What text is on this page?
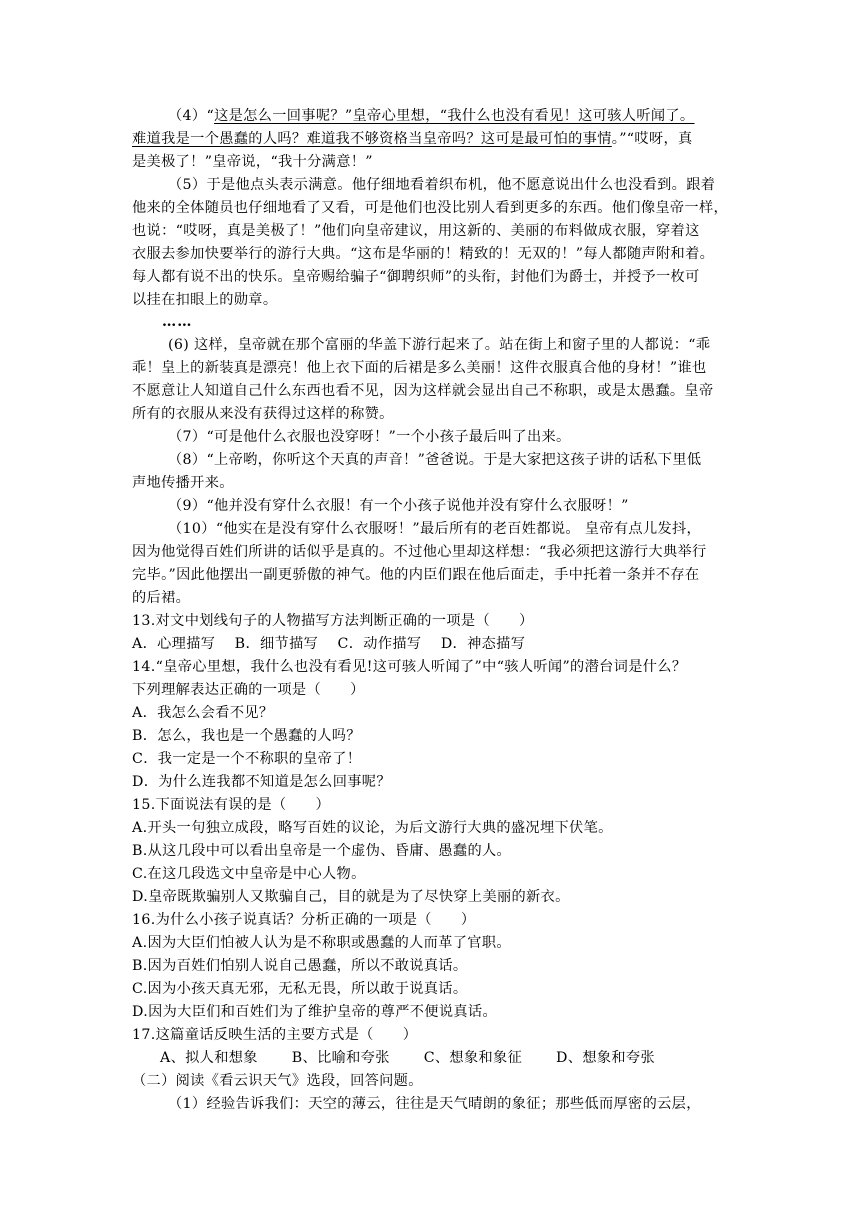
（4）“这是怎么一回事呢？”皇帝心里想，“我什么也没有看见！这可骇人听闻了。
难道我是一个愚蠢的人吗？难道我不够资格当皇帝吗？这可是最可怕的事情。”“哎呀，真
是美极了！”皇帝说，“我十分满意！”
（5）于是他点头表示满意。他仔细地看着织布机，他不愿意说出什么也没看到。跟着
他来的全体随员也仔细地看了又看，可是他们也没比别人看到更多的东西。他们像皇帝一样，
也说：“哎呀，真是美极了！”他们向皇帝建议，用这新的、美丽的布料做成衣服，穿着这
衣服去参加快要举行的游行大典。“这布是华丽的！精致的！无双的！”每人都随声附和着。
每人都有说不出的快乐。皇帝赐给骗子“御聘织师”的头衔，封他们为爵士，并授予一枚可
以挂在扣眼上的勋章。
……
(6) 这样，皇帝就在那个富丽的华盖下游行起来了。站在街上和窗子里的人都说：“乖
乖！皇上的新装真是漂亮！他上衣下面的后裙是多么美丽！这件衣服真合他的身材！”谁也
不愿意让人知道自己什么东西也看不见，因为这样就会显出自己不称职，或是太愚蠢。皇帝
所有的衣服从来没有获得过这样的称赞。
（7）“可是他什么衣服也没穿呀！”一个小孩子最后叫了出来。
（8）“上帝哟，你听这个天真的声音！”爸爸说。于是大家把这孩子讲的话私下里低
声地传播开来。
（9）“他并没有穿什么衣服！有一个小孩子说他并没有穿什么衣服呀！”
（10）“他实在是没有穿什么衣服呀！”最后所有的老百姓都说。 皇帝有点儿发抖，
因为他觉得百姓们所讲的话似乎是真的。不过他心里却这样想：“我必须把这游行大典举行
完毕。”因此他摆出一副更骄傲的神气。他的内臣们跟在他后面走，手中托着一条并不存在
的后裙。
13.对文中划线句子的人物描写方法判断正确的一项是（　　）
A．心理描写　 B．细节描写　 C．动作描写　 D．神态描写
14.“皇帝心里想，我什么也没有看见!这可骇人听闻了”中“骇人听闻”的潜台词是什么？
下列理解表达正确的一项是（　　）
A．我怎么会看不见？
B．怎么，我也是一个愚蠢的人吗？
C．我一定是一个不称职的皇帝了！
D．为什么连我都不知道是怎么回事呢？
15.下面说法有误的是（　　）
A.开头一句独立成段，略写百姓的议论，为后文游行大典的盛况埋下伏笔。
B.从这几段中可以看出皇帝是一个虚伪、昏庸、愚蠢的人。
C.在这几段选文中皇帝是中心人物。
D.皇帝既欺骗别人又欺骗自己，目的就是为了尽快穿上美丽的新衣。
16.为什么小孩子说真话？分析正确的一项是（　　）
A.因为大臣们怕被人认为是不称职或愚蠢的人而革了官职。
B.因为百姓们怕别人说自己愚蠢，所以不敢说真话。
C.因为小孩天真无邪，无私无畏，所以敢于说真话。
D.因为大臣们和百姓们为了维护皇帝的尊严不便说真话。
17.这篇童话反映生活的主要方式是（　　）
A、拟人和想象　　 B、比喻和夸张　　 C、想象和象征　　 D、想象和夸张
（二）阅读《看云识天气》选段，回答问题。
（1）经验告诉我们：天空的薄云，往往是天气晴朗的象征；那些低而厚密的云层，
